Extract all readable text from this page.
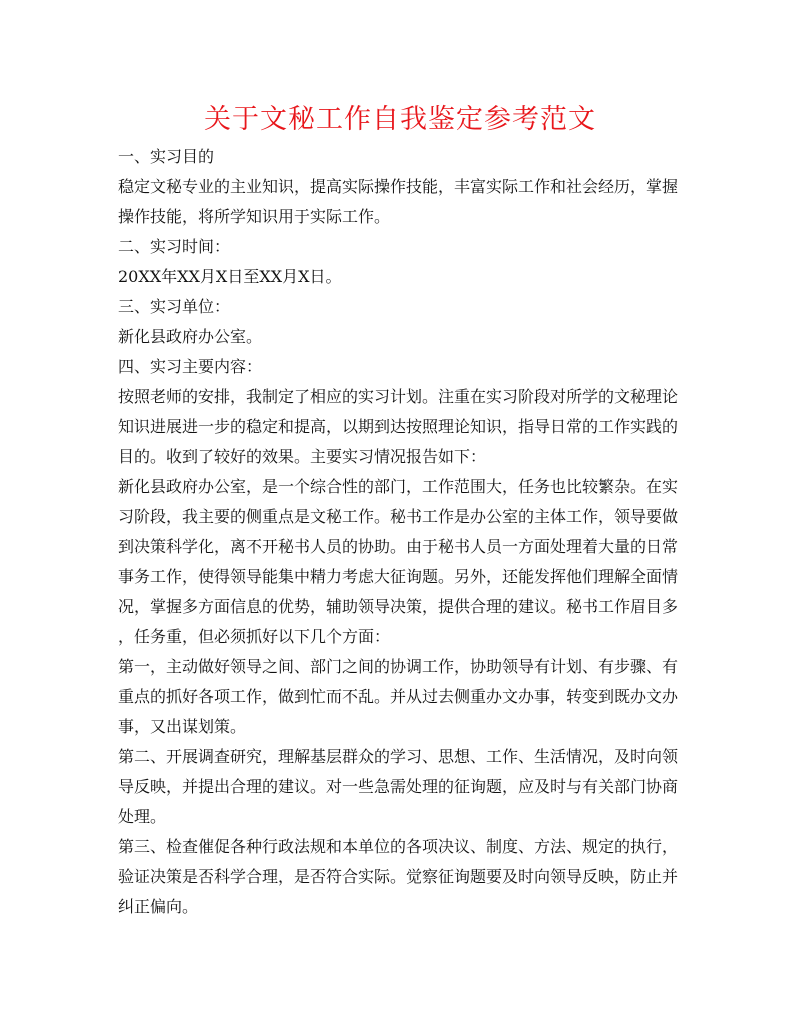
关于文秘工作自我鉴定参考范文
一、实习目的
稳定文秘专业的主业知识，提高实际操作技能，丰富实际工作和社会经历，掌握
操作技能，将所学知识用于实际工作。
二、实习时间：
20XX年XX月X日至XX月X日。
三、实习单位：
新化县政府办公室。
四、实习主要内容：
按照老师的安排，我制定了相应的实习计划。注重在实习阶段对所学的文秘理论
知识进展进一步的稳定和提高，以期到达按照理论知识，指导日常的工作实践的
目的。收到了较好的效果。主要实习情况报告如下：
新化县政府办公室，是一个综合性的部门，工作范围大，任务也比较繁杂。在实
习阶段，我主要的侧重点是文秘工作。秘书工作是办公室的主体工作，领导要做
到决策科学化，离不开秘书人员的协助。由于秘书人员一方面处理着大量的日常
事务工作，使得领导能集中精力考虑大征询题。另外，还能发挥他们理解全面情
况，掌握多方面信息的优势，辅助领导决策，提供合理的建议。秘书工作眉目多
，任务重，但必须抓好以下几个方面：
第一，主动做好领导之间、部门之间的协调工作，协助领导有计划、有步骤、有
重点的抓好各项工作，做到忙而不乱。并从过去侧重办文办事，转变到既办文办
事，又出谋划策。
第二、开展调查研究，理解基层群众的学习、思想、工作、生活情况，及时向领
导反映，并提出合理的建议。对一些急需处理的征询题，应及时与有关部门协商
处理。
第三、检查催促各种行政法规和本单位的各项决议、制度、方法、规定的执行，
验证决策是否科学合理，是否符合实际。觉察征询题要及时向领导反映，防止并
纠正偏向。
